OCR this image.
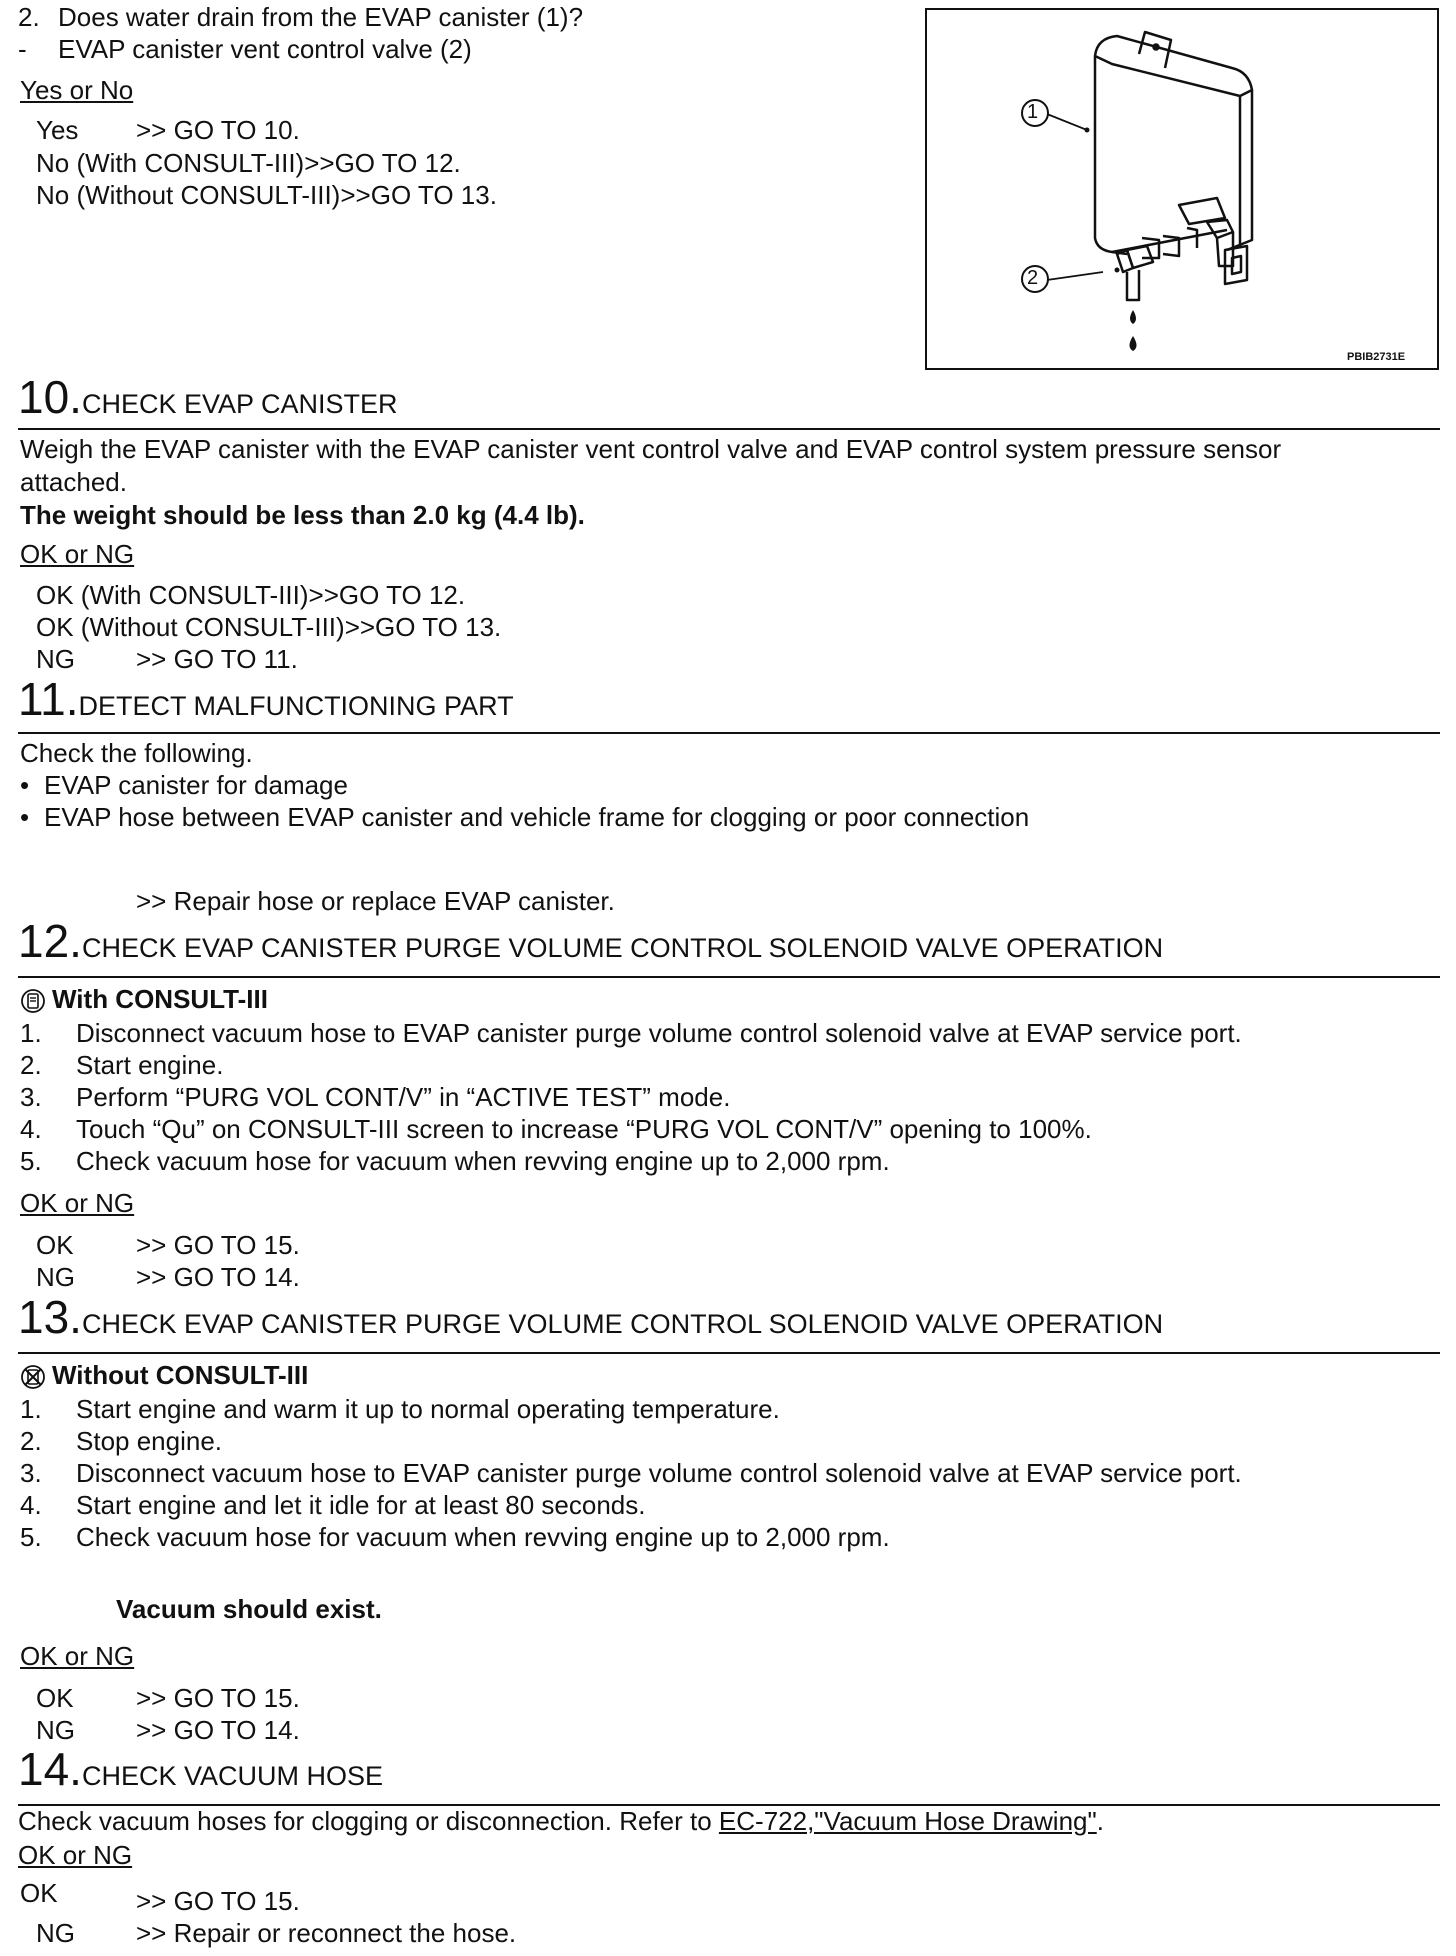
2. Does water drain from the EVAP canister (1)?
- EVAP canister vent control valve (2)
Yes or No
Yes >> GO TO 10.
No (With CONSULT-III)>>GO TO 12.
No (Without CONSULT-III)>>GO TO 13.
1
2
PBIB2731E
10.CHECK EVAP CANISTER
Weigh the EVAP canister with the EVAP canister vent control valve and EVAP control system pressure sensor
attached.
The weight should be less than 2.0 kg (4.4 lb).
OK or NG
OK (With CONSULT-III)>>GO TO 12.
OK (Without CONSULT-III)>>GO TO 13.
NG >> GO TO 11.
11.DETECT MALFUNCTIONING PART
Check the following.
• EVAP canister for damage
• EVAP hose between EVAP canister and vehicle frame for clogging or poor connection
>> Repair hose or replace EVAP canister.
12.CHECK EVAP CANISTER PURGE VOLUME CONTROL SOLENOID VALVE OPERATION
With CONSULT-III
1. Disconnect vacuum hose to EVAP canister purge volume control solenoid valve at EVAP service port.
2. Start engine.
3. Perform “PURG VOL CONT/V” in “ACTIVE TEST” mode.
4. Touch “Qu” on CONSULT-III screen to increase “PURG VOL CONT/V” opening to 100%.
5. Check vacuum hose for vacuum when revving engine up to 2,000 rpm.
OK or NG
OK >> GO TO 15.
NG >> GO TO 14.
13.CHECK EVAP CANISTER PURGE VOLUME CONTROL SOLENOID VALVE OPERATION
Without CONSULT-III
1. Start engine and warm it up to normal operating temperature.
2. Stop engine.
3. Disconnect vacuum hose to EVAP canister purge volume control solenoid valve at EVAP service port.
4. Start engine and let it idle for at least 80 seconds.
5. Check vacuum hose for vacuum when revving engine up to 2,000 rpm.
Vacuum should exist.
OK or NG
OK >> GO TO 15.
NG >> GO TO 14.
14.CHECK VACUUM HOSE
Check vacuum hoses for clogging or disconnection. Refer to EC-722,"Vacuum Hose Drawing".
OK or NG
OK	>> GO TO 15.
NG >> Repair or reconnect the hose.
